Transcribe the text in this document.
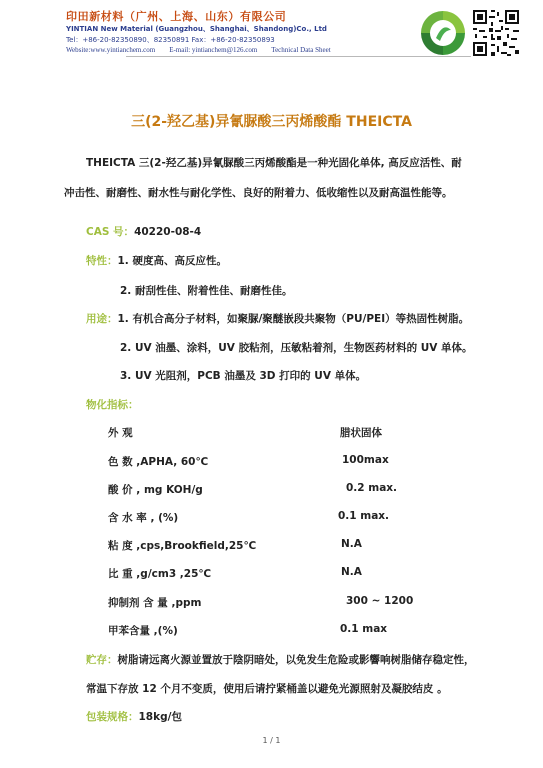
印田新材料（广州、上海、山东）有限公司
YINTIAN New Material (Guangzhou、Shanghai、Shandong)Co., Ltd
Tel：+86-20-82350890、82350891 Fax：+86-20-82350893
Website:www.yintianchem.com E-mail: yintianchem@126.com Technical Data Sheet
三(2-羟乙基)异氰脲酸三丙烯酸酯 THEICTA
THEICTA 三(2-羟乙基)异氰脲酸三丙烯酸酯是一种光固化单体, 高反应活性、耐
冲击性、耐磨性、耐水性与耐化学性、良好的附着力、低收缩性以及耐高温性能等。
CAS 号：40220-08-4
特性：1. 硬度高、高反应性。
2. 耐刮性佳、附着性佳、耐磨性佳。
用途：1. 有机合高分子材料，如聚脲/聚醚嵌段共聚物（PU/PEI）等热固性树脂。
2. UV 油墨、涂料，UV 胶粘剂，压敏粘着剂，生物医药材料的 UV 单体。
3. UV 光阻剂，PCB 油墨及 3D 打印的 UV 单体。
物化指标：
外 观	腊状固体
色 数 ,APHA, 60℃	100max
酸 价 , mg KOH/g	0.2 max.
含 水 率 , (%)	0.1 max.
粘 度 ,cps,Brookfield,25℃	N.A
比 重 ,g/cm3 ,25℃	N.A
抑制剂 含 量 ,ppm	300 ~ 1200
甲苯含量 ,(%)	0.1 max
贮存：树脂请远离火源並置放于陰阴暗处，以免发生危险或影響响树脂储存稳定性，
常温下存放 12 个月不变质，使用后请拧紧桶盖以避免光源照射及凝胶结皮 。
包装规格：18kg/包
1 / 1
